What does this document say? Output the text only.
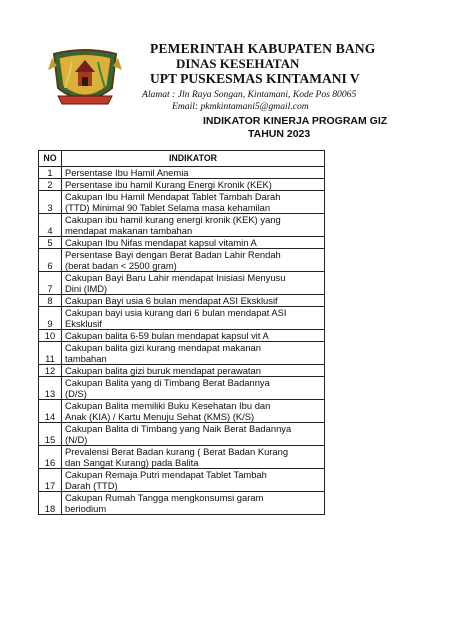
PEMERINTAH KABUPATEN BANG
DINAS KESEHATAN
UPT PUSKESMAS KINTAMANI V
Alamat : Jln Raya Songan, Kintamani, Kode Pos 80065
Email: pkmkintamani5@gmail.com
INDIKATOR KINERJA PROGRAM GIZ
TAHUN 2023
NO	INDIKATOR
1	Persentase Ibu Hamil Anemia

2	Persentase ibu hamil Kurang Energi Kronik (KEK)

3	Cakupan Ibu Hamil Mendapat Tablet Tambah Darah
(TTD) Minimal 90 Tablet Selama masa kehamilan

4	Cakupan ibu hamil kurang energi kronik (KEK) yang
mendapat makanan tambahan

5	Cakupan Ibu Nifas mendapat kapsul vitamin A

6	Persentase Bayi dengan Berat Badan Lahir Rendah
(berat badan < 2500 gram)

7	Cakupan Bayi Baru Lahir mendapat Inisiasi Menyusu
Dini (IMD)

8	Cakupan Bayi usia 6 bulan mendapat ASI Eksklusif

9	Cakupan bayi usia kurang dari 6 bulan mendapat ASI
Eksklusif

10	Cakupan balita 6-59 bulan mendapat kapsul vit A

11	Cakupan balita gizi kurang mendapat makanan
tambahan

12	Cakupan balita gizi buruk mendapat perawatan

13	Cakupan Balita yang di Timbang Berat Badannya
(D/S)

14	Cakupan Balita memiliki Buku Kesehatan Ibu dan
Anak (KIA) / Kartu Menuju Sehat (KMS) (K/S)

15	Cakupan Balita di Timbang yang Naik Berat Badannya
(N/D)

16	Prevalensi Berat Badan kurang ( Berat Badan Kurang
dan Sangat Kurang) pada Balita

17	Cakupan Remaja Putri mendapat Tablet Tambah
Darah (TTD)

18	Cakupan Rumah Tangga mengkonsumsi garam
beriodium
